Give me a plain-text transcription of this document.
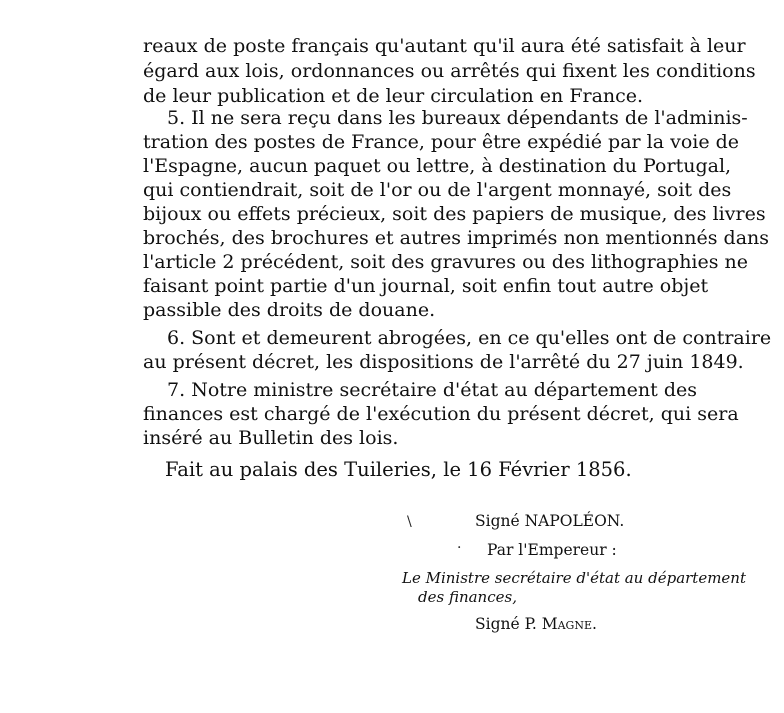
reaux de poste français qu'autant qu'il aura été satisfait à leur
égard aux lois, ordonnances ou arrêtés qui fixent les conditions
de leur publication et de leur circulation en France.
5. Il ne sera reçu dans les bureaux dépendants de l'adminis-
tration des postes de France, pour être expédié par la voie de
l'Espagne, aucun paquet ou lettre, à destination du Portugal,
qui contiendrait, soit de l'or ou de l'argent monnayé, soit des
bijoux ou effets précieux, soit des papiers de musique, des livres
brochés, des brochures et autres imprimés non mentionnés dans
l'article 2 précédent, soit des gravures ou des lithographies ne
faisant point partie d'un journal, soit enfin tout autre objet
passible des droits de douane.
6. Sont et demeurent abrogées, en ce qu'elles ont de contraire
au présent décret, les dispositions de l'arrêté du 27 juin 1849.
7. Notre ministre secrétaire d'état au département des
finances est chargé de l'exécution du présent décret, qui sera
inséré au Bulletin des lois.
Fait au palais des Tuileries, le 16 Février 1856.
\	Signé NAPOLÉON.
· Par l'Empereur :
Le Ministre secrétaire d'état au département
des finances,
Signé P. Magne.
